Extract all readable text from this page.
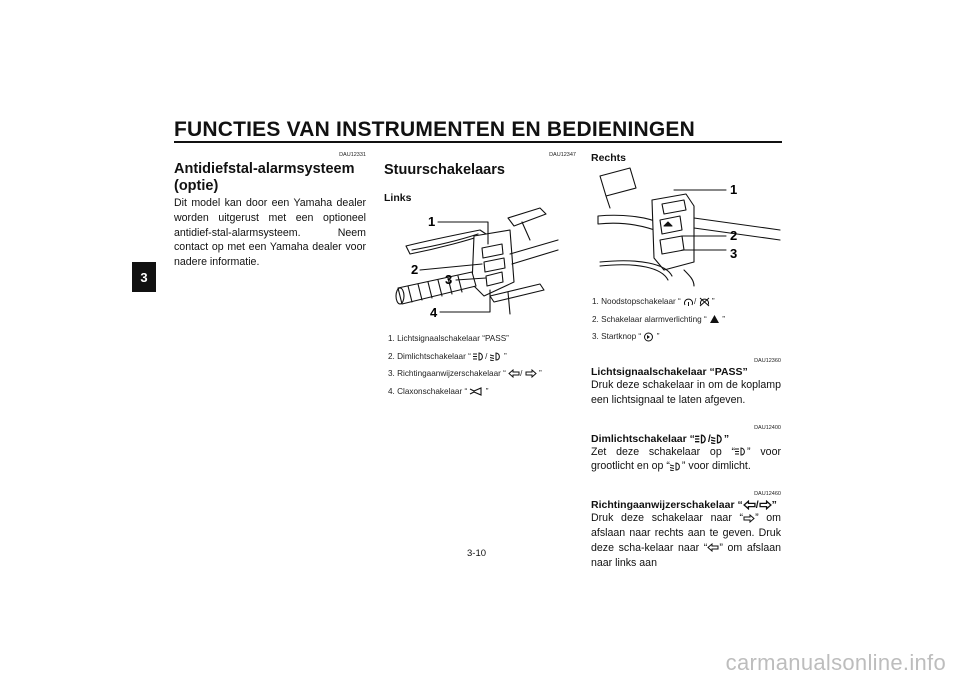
FUNCTIES VAN INSTRUMENTEN EN BEDIENINGEN
3
DAU12331
Antidiefstal-alarmsysteem (optie)
Dit model kan door een Yamaha dealer worden uitgerust met een optioneel antidief-stal-alarmsysteem. Neem contact op met een Yamaha dealer voor nadere informatie.
DAU12347
Stuurschakelaars
Links
1
2
3
4
1. Lichtsignaalschakelaar “PASS”
2. Dimlichtschakelaar “ / ”
3. Richtingaanwijzerschakelaar “ / ”
4. Claxonschakelaar “ ”
Rechts
1
2
3
1. Noodstopschakelaar “ / ”
2. Schakelaar alarmverlichting “ ”
3. Startknop “ ”
DAU12360
Lichtsignaalschakelaar “PASS”
Druk deze schakelaar in om de koplamp een lichtsignaal te laten afgeven.
DAU12400
Dimlichtschakelaar “ / ”
Zet deze schakelaar op “ ” voor grootlicht en op “ ” voor dimlicht.
DAU12460
Richtingaanwijzerschakelaar “ / ”
Druk deze schakelaar naar “ ” om afslaan naar rechts aan te geven. Druk deze scha-kelaar naar “ ” om afslaan naar links aan
3-10
carmanualsonline.info
